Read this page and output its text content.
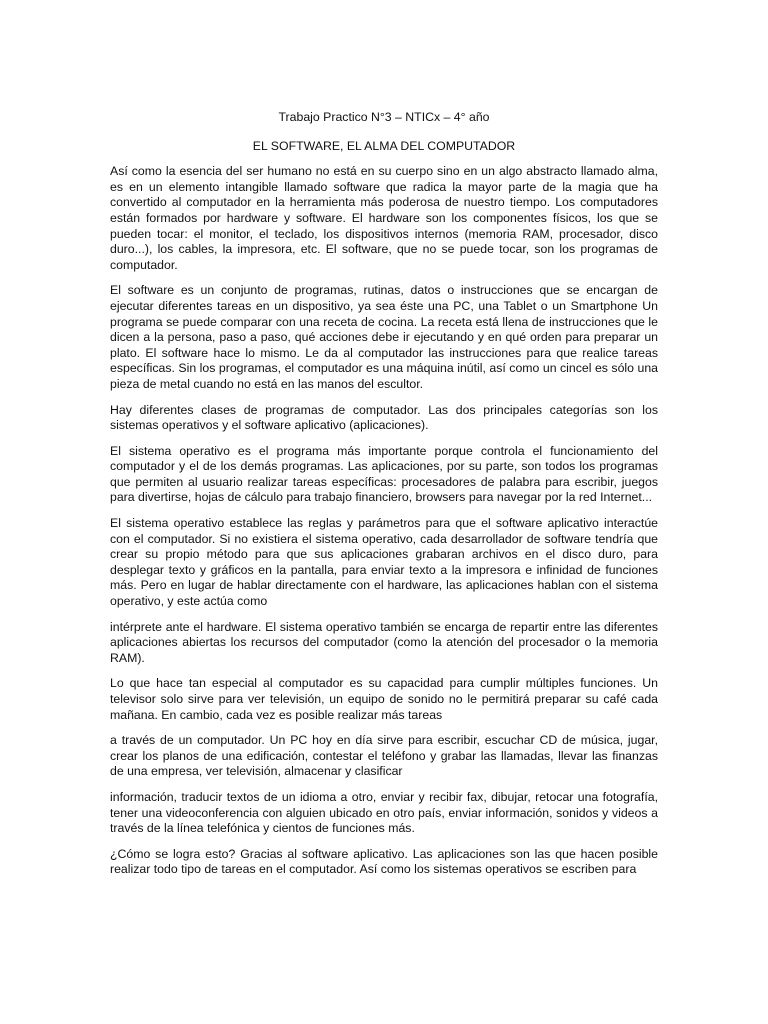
Trabajo Practico N°3 – NTICx – 4° año
EL SOFTWARE, EL ALMA DEL COMPUTADOR

Así como la esencia del ser humano no está en su cuerpo sino en un algo abstracto llamado alma, es en un elemento intangible llamado software que radica la mayor parte de la magia que ha convertido al computador en la herramienta más poderosa de nuestro tiempo. Los computadores están formados por hardware y software. El hardware son los componentes físicos, los que se pueden tocar: el monitor, el teclado, los dispositivos internos (memoria RAM, procesador, disco duro...), los cables, la impresora, etc. El software, que no se puede tocar, son los programas de computador.

El software es un conjunto de programas, rutinas, datos o instrucciones que se encargan de ejecutar diferentes tareas en un dispositivo, ya sea éste una PC, una Tablet o un Smartphone Un programa se puede comparar con una receta de cocina. La receta está llena de instrucciones que le dicen a la persona, paso a paso, qué acciones debe ir ejecutando y en qué orden para preparar un plato. El software hace lo mismo. Le da al computador las instrucciones para que realice tareas específicas. Sin los programas, el computador es una máquina inútil, así como un cincel es sólo una pieza de metal cuando no está en las manos del escultor.

Hay diferentes clases de programas de computador. Las dos principales categorías son los sistemas operativos y el software aplicativo (aplicaciones).

El sistema operativo es el programa más importante porque controla el funcionamiento del computador y el de los demás programas. Las aplicaciones, por su parte, son todos los programas que permiten al usuario realizar tareas específicas: procesadores de palabra para escribir, juegos para divertirse, hojas de cálculo para trabajo financiero, browsers para navegar por la red Internet...

El sistema operativo establece las reglas y parámetros para que el software aplicativo interactúe con el computador. Si no existiera el sistema operativo, cada desarrollador de software tendría que crear su propio método para que sus aplicaciones grabaran archivos en el disco duro, para desplegar texto y gráficos en la pantalla, para enviar texto a la impresora e infinidad de funciones más. Pero en lugar de hablar directamente con el hardware, las aplicaciones hablan con el sistema operativo, y este actúa como

intérprete ante el hardware. El sistema operativo también se encarga de repartir entre las diferentes aplicaciones abiertas los recursos del computador (como la atención del procesador o la memoria RAM).

Lo que hace tan especial al computador es su capacidad para cumplir múltiples funciones. Un televisor solo sirve para ver televisión, un equipo de sonido no le permitirá preparar su café cada mañana. En cambio, cada vez es posible realizar más tareas

a través de un computador. Un PC hoy en día sirve para escribir, escuchar CD de música, jugar, crear los planos de una edificación, contestar el teléfono y grabar las llamadas, llevar las finanzas de una empresa, ver televisión, almacenar y clasificar

información, traducir textos de un idioma a otro, enviar y recibir fax, dibujar, retocar una fotografía, tener una videoconferencia con alguien ubicado en otro país, enviar información, sonidos y videos a través de la línea telefónica y cientos de funciones más.

¿Cómo se logra esto? Gracias al software aplicativo. Las aplicaciones son las que hacen posible realizar todo tipo de tareas en el computador. Así como los sistemas operativos se escriben para
